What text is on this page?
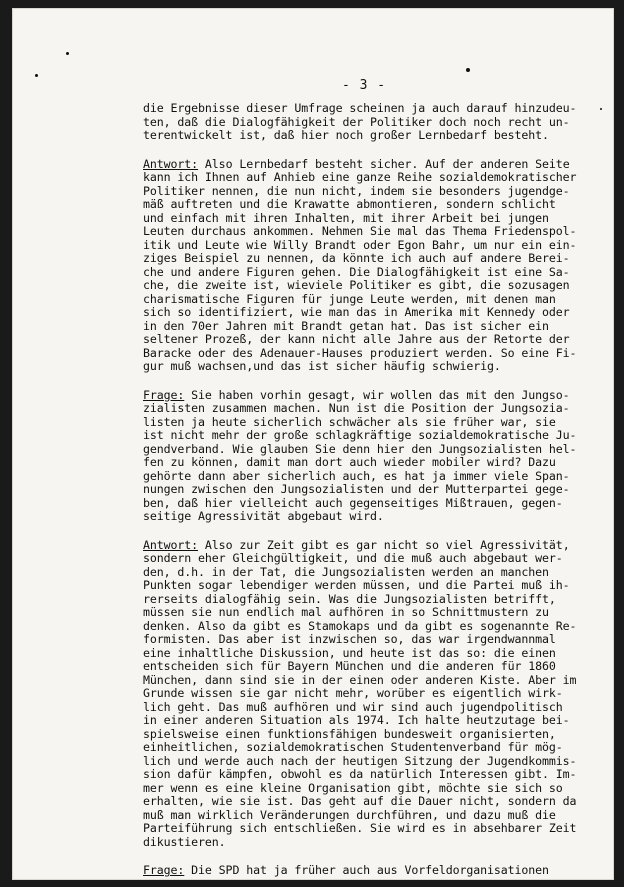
- 3 -
die Ergebnisse dieser Umfrage scheinen ja auch darauf hinzudeu-
ten, daß die Dialogfähigkeit der Politiker doch noch recht un-
terentwickelt ist, daß hier noch großer Lernbedarf besteht.
Antwort: Also Lernbedarf besteht sicher. Auf der anderen Seite
kann ich Ihnen auf Anhieb eine ganze Reihe sozialdemokratischer
Politiker nennen, die nun nicht, indem sie besonders jugendge-
mäß auftreten und die Krawatte abmontieren, sondern schlicht
und einfach mit ihren Inhalten, mit ihrer Arbeit bei jungen
Leuten durchaus ankommen. Nehmen Sie mal das Thema Friedenspol-
itik und Leute wie Willy Brandt oder Egon Bahr, um nur ein ein-
ziges Beispiel zu nennen, da könnte ich auch auf andere Berei-
che und andere Figuren gehen. Die Dialogfähigkeit ist eine Sa-
che, die zweite ist, wieviele Politiker es gibt, die sozusagen
charismatische Figuren für junge Leute werden, mit denen man
sich so identifiziert, wie man das in Amerika mit Kennedy oder
in den 70er Jahren mit Brandt getan hat. Das ist sicher ein
seltener Prozeß, der kann nicht alle Jahre aus der Retorte der
Baracke oder des Adenauer-Hauses produziert werden. So eine Fi-
gur muß wachsen,und das ist sicher häufig schwierig.
Frage: Sie haben vorhin gesagt, wir wollen das mit den Jungso-
zialisten zusammen machen. Nun ist die Position der Jungsozia-
listen ja heute sicherlich schwächer als sie früher war, sie
ist nicht mehr der große schlagkräftige sozialdemokratische Ju-
gendverband. Wie glauben Sie denn hier den Jungsozialisten hel-
fen zu können, damit man dort auch wieder mobiler wird? Dazu
gehörte dann aber sicherlich auch, es hat ja immer viele Span-
nungen zwischen den Jungsozialisten und der Mutterpartei gege-
ben, daß hier vielleicht auch gegenseitiges Mißtrauen, gegen-
seitige Agressivität abgebaut wird.
Antwort: Also zur Zeit gibt es gar nicht so viel Agressivität,
sondern eher Gleichgültigkeit, und die muß auch abgebaut wer-
den, d.h. in der Tat, die Jungsozialisten werden an manchen
Punkten sogar lebendiger werden müssen, und die Partei muß ih-
rerseits dialogfähig sein. Was die Jungsozialisten betrifft,
müssen sie nun endlich mal aufhören in so Schnittmustern zu
denken. Also da gibt es Stamokaps und da gibt es sogenannte Re-
formisten. Das aber ist inzwischen so, das war irgendwannmal
eine inhaltliche Diskussion, und heute ist das so: die einen
entscheiden sich für Bayern München und die anderen für 1860
München, dann sind sie in der einen oder anderen Kiste. Aber im
Grunde wissen sie gar nicht mehr, worüber es eigentlich wirk-
lich geht. Das muß aufhören und wir sind auch jugendpolitisch
in einer anderen Situation als 1974. Ich halte heutzutage bei-
spielsweise einen funktionsfähigen bundesweit organisierten,
einheitlichen, sozialdemokratischen Studentenverband für mög-
lich und werde auch nach der heutigen Sitzung der Jugendkommis-
sion dafür kämpfen, obwohl es da natürlich Interessen gibt. Im-
mer wenn es eine kleine Organisation gibt, möchte sie sich so
erhalten, wie sie ist. Das geht auf die Dauer nicht, sondern da
muß man wirklich Veränderungen durchführen, und dazu muß die
Parteiführung sich entschließen. Sie wird es in absehbarer Zeit
dikustieren.
Frage: Die SPD hat ja früher auch aus Vorfeldorganisationen
